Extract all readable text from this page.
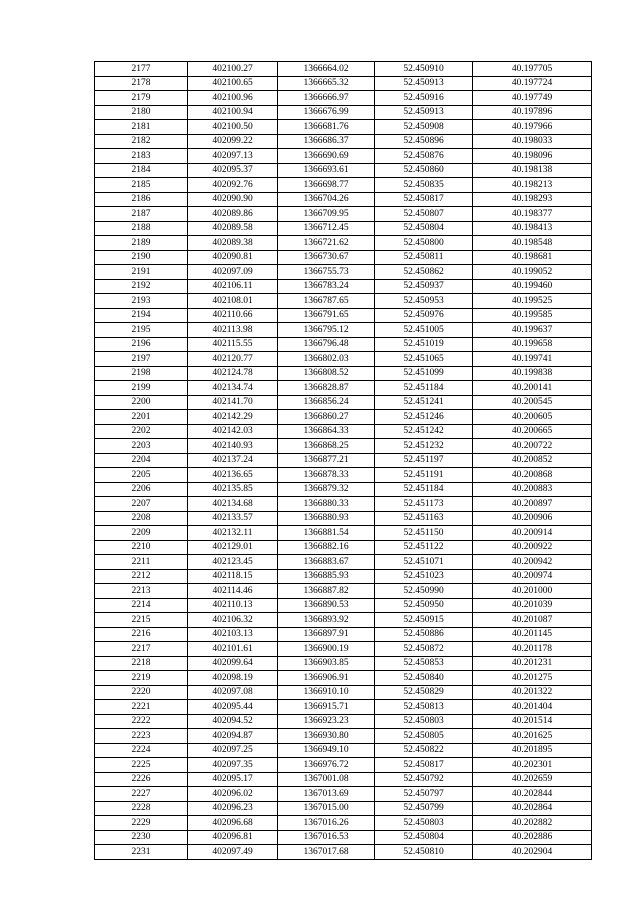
2177	402100.27	1366664.02	52.450910	40.197705
2178	402100.65	1366665.32	52.450913	40.197724
2179	402100.96	1366666.97	52.450916	40.197749
2180	402100.94	1366676.99	52.450913	40.197896
2181	402100.50	1366681.76	52.450908	40.197966
2182	402099.22	1366686.37	52.450896	40.198033
2183	402097.13	1366690.69	52.450876	40.198096
2184	402095.37	1366693.61	52.450860	40.198138
2185	402092.76	1366698.77	52.450835	40.198213
2186	402090.90	1366704.26	52.450817	40.198293
2187	402089.86	1366709.95	52.450807	40.198377
2188	402089.58	1366712.45	52.450804	40.198413
2189	402089.38	1366721.62	52.450800	40.198548
2190	402090.81	1366730.67	52.450811	40.198681
2191	402097.09	1366755.73	52.450862	40.199052
2192	402106.11	1366783.24	52.450937	40.199460
2193	402108.01	1366787.65	52.450953	40.199525
2194	402110.66	1366791.65	52.450976	40.199585
2195	402113.98	1366795.12	52.451005	40.199637
2196	402115.55	1366796.48	52.451019	40.199658
2197	402120.77	1366802.03	52.451065	40.199741
2198	402124.78	1366808.52	52.451099	40.199838
2199	402134.74	1366828.87	52.451184	40.200141
2200	402141.70	1366856.24	52.451241	40.200545
2201	402142.29	1366860.27	52.451246	40.200605
2202	402142.03	1366864.33	52.451242	40.200665
2203	402140.93	1366868.25	52.451232	40.200722
2204	402137.24	1366877.21	52.451197	40.200852
2205	402136.65	1366878.33	52.451191	40.200868
2206	402135.85	1366879.32	52.451184	40.200883
2207	402134.68	1366880.33	52.451173	40.200897
2208	402133.57	1366880.93	52.451163	40.200906
2209	402132.11	1366881.54	52.451150	40.200914
2210	402129.01	1366882.16	52.451122	40.200922
2211	402123.45	1366883.67	52.451071	40.200942
2212	402118.15	1366885.93	52.451023	40.200974
2213	402114.46	1366887.82	52.450990	40.201000
2214	402110.13	1366890.53	52.450950	40.201039
2215	402106.32	1366893.92	52.450915	40.201087
2216	402103.13	1366897.91	52.450886	40.201145
2217	402101.61	1366900.19	52.450872	40.201178
2218	402099.64	1366903.85	52.450853	40.201231
2219	402098.19	1366906.91	52.450840	40.201275
2220	402097.08	1366910.10	52.450829	40.201322
2221	402095.44	1366915.71	52.450813	40.201404
2222	402094.52	1366923.23	52.450803	40.201514
2223	402094.87	1366930.80	52.450805	40.201625
2224	402097.25	1366949.10	52.450822	40.201895
2225	402097.35	1366976.72	52.450817	40.202301
2226	402095.17	1367001.08	52.450792	40.202659
2227	402096.02	1367013.69	52.450797	40.202844
2228	402096.23	1367015.00	52.450799	40.202864
2229	402096.68	1367016.26	52.450803	40.202882
2230	402096.81	1367016.53	52.450804	40.202886
2231	402097.49	1367017.68	52.450810	40.202904
